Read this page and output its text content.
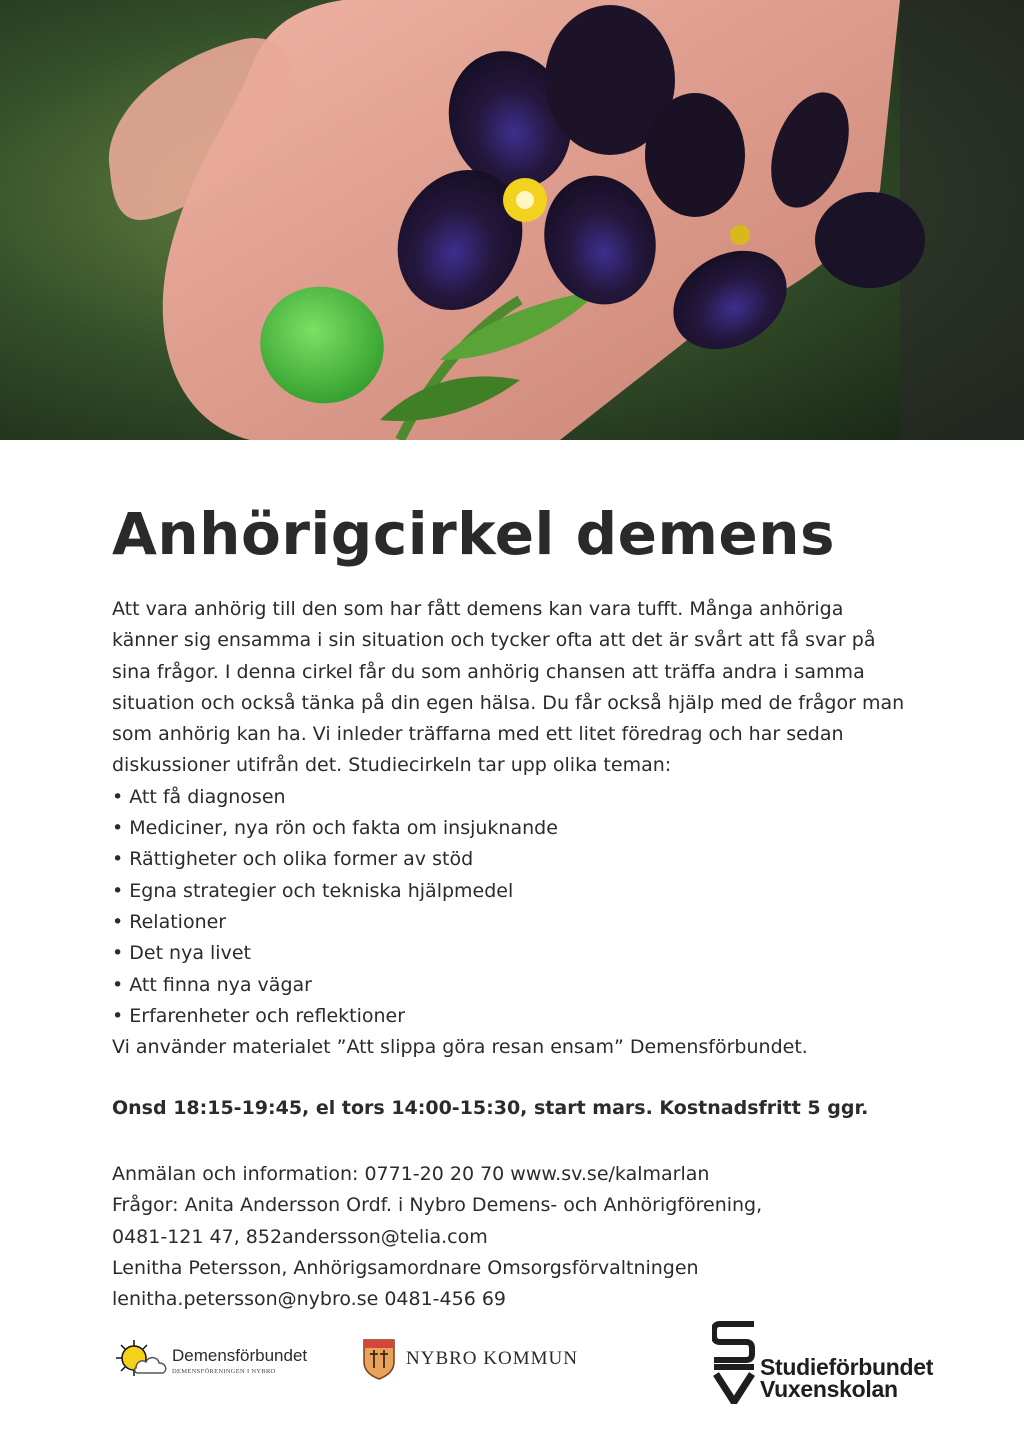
Anhörigcirkel demens

Att vara anhörig till den som har fått demens kan vara tufft. Många anhöriga känner sig ensamma i sin situation och tycker ofta att det är svårt att få svar på sina frågor. I denna cirkel får du som anhörig chansen att träffa andra i samma situation och också tänka på din egen hälsa. Du får också hjälp med de frågor man som anhörig kan ha. Vi inleder träffarna med ett litet föredrag och har sedan diskussioner utifrån det. Studiecirkeln tar upp olika teman:

• Att få diagnosen
• Mediciner, nya rön och fakta om insjuknande
• Rättigheter och olika former av stöd
• Egna strategier och tekniska hjälpmedel
• Relationer
• Det nya livet
• Att finna nya vägar
• Erfarenheter och reflektioner

Vi använder materialet ”Att slippa göra resan ensam” Demensförbundet.

Onsd 18:15-19:45, el tors 14:00-15:30, start mars. Kostnadsfritt 5 ggr.

Anmälan och information: 0771-20 20 70 www.sv.se/kalmarlan

Frågor: Anita Andersson Ordf. i Nybro Demens- och Anhörigförening,

0481-121 47, 852andersson@telia.com

Lenitha Petersson, Anhörigsamordnare Omsorgsförvaltningen

lenitha.petersson@nybro.se 0481-456 69

Demensförbundet
DEMENSFÖRENINGEN I NYBRO
NYBRO KOMMUN	Studieförbundet
Vuxenskolan
